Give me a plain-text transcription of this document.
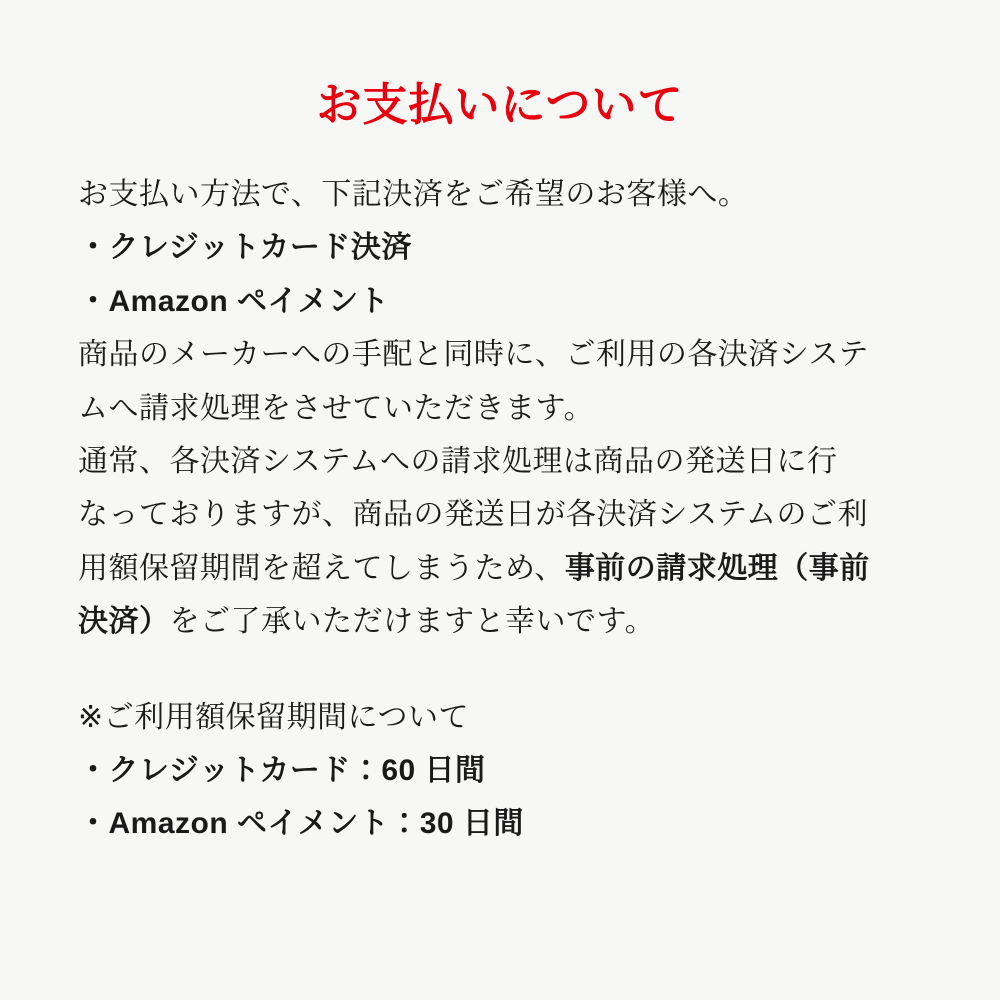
お支払いについて
お支払い方法で、下記決済をご希望のお客様へ。
・クレジットカード決済
・Amazon ペイメント
商品のメーカーへの手配と同時に、ご利用の各決済システ
ムへ請求処理をさせていただきます。
通常、各決済システムへの請求処理は商品の発送日に行
なっておりますが、商品の発送日が各決済システムのご利
用額保留期間を超えてしまうため、事前の請求処理（事前
決済）をご了承いただけますと幸いです。
※ご利用額保留期間について
・クレジットカード：60 日間
・Amazon ペイメント：30 日間
